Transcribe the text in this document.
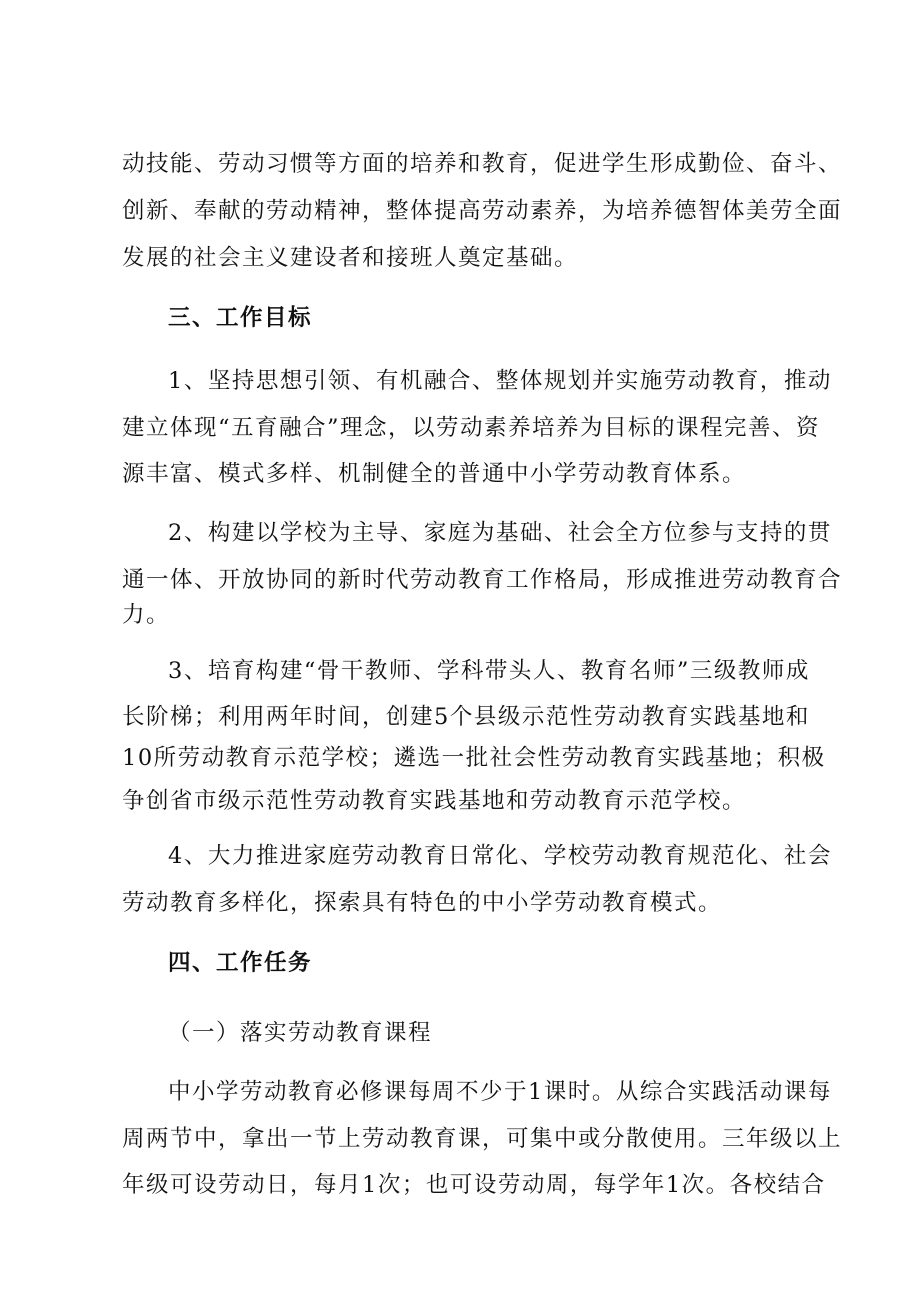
动技能、劳动习惯等方面的培养和教育，促进学生形成勤俭、奋斗、
创新、奉献的劳动精神，整体提高劳动素养，为培养德智体美劳全面
发展的社会主义建设者和接班人奠定基础。
三、工作目标
1、坚持思想引领、有机融合、整体规划并实施劳动教育，推动
建立体现“五育融合”理念，以劳动素养培养为目标的课程完善、资
源丰富、模式多样、机制健全的普通中小学劳动教育体系。
2、构建以学校为主导、家庭为基础、社会全方位参与支持的贯
通一体、开放协同的新时代劳动教育工作格局，形成推进劳动教育合
力。
3、培育构建“骨干教师、学科带头人、教育名师”三级教师成
长阶梯；利用两年时间，创建5个县级示范性劳动教育实践基地和
10所劳动教育示范学校；遴选一批社会性劳动教育实践基地；积极
争创省市级示范性劳动教育实践基地和劳动教育示范学校。
4、大力推进家庭劳动教育日常化、学校劳动教育规范化、社会
劳动教育多样化，探索具有特色的中小学劳动教育模式。
四、工作任务
（一）落实劳动教育课程
中小学劳动教育必修课每周不少于1课时。从综合实践活动课每
周两节中，拿出一节上劳动教育课，可集中或分散使用。三年级以上
年级可设劳动日，每月1次；也可设劳动周，每学年1次。各校结合
